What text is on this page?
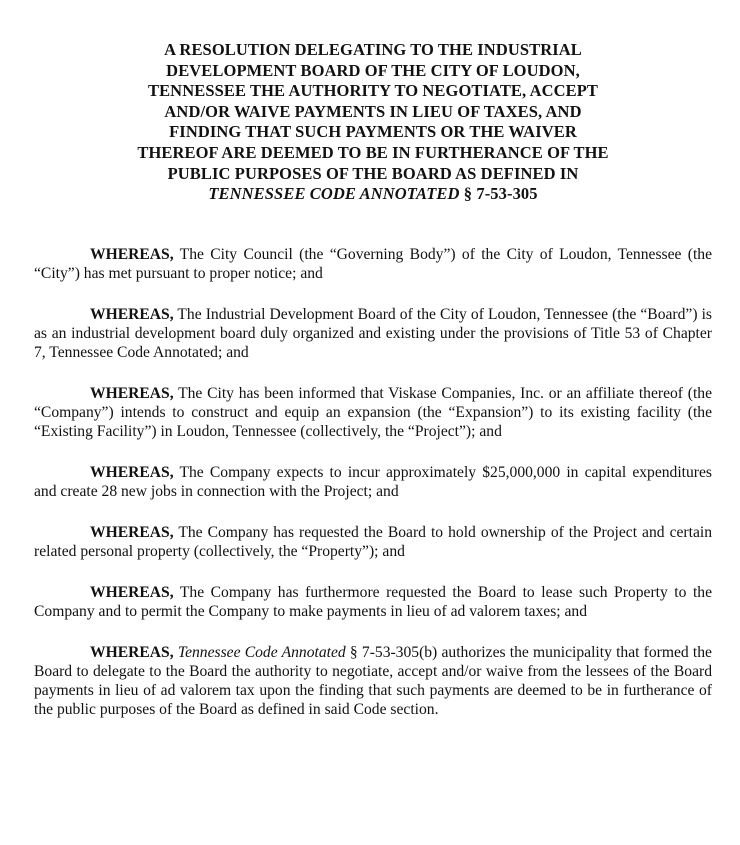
A RESOLUTION DELEGATING TO THE INDUSTRIAL
DEVELOPMENT BOARD OF THE CITY OF LOUDON,
TENNESSEE THE AUTHORITY TO NEGOTIATE, ACCEPT
AND/OR WAIVE PAYMENTS IN LIEU OF TAXES, AND
FINDING THAT SUCH PAYMENTS OR THE WAIVER
THEREOF ARE DEEMED TO BE IN FURTHERANCE OF THE
PUBLIC PURPOSES OF THE BOARD AS DEFINED IN
TENNESSEE CODE ANNOTATED § 7-53-305

WHEREAS, The City Council (the “Governing Body”) of the City of Loudon, Tennessee (the “City”) has met pursuant to proper notice; and

WHEREAS, The Industrial Development Board of the City of Loudon, Tennessee (the “Board”) is as an industrial development board duly organized and existing under the provisions of Title 53 of Chapter 7, Tennessee Code Annotated; and

WHEREAS, The City has been informed that Viskase Companies, Inc. or an affiliate thereof (the “Company”) intends to construct and equip an expansion (the “Expansion”) to its existing facility (the “Existing Facility”) in Loudon, Tennessee (collectively, the “Project”); and

WHEREAS, The Company expects to incur approximately $25,000,000 in capital expenditures and create 28 new jobs in connection with the Project; and

WHEREAS, The Company has requested the Board to hold ownership of the Project and certain related personal property (collectively, the “Property”); and

WHEREAS, The Company has furthermore requested the Board to lease such Property to the Company and to permit the Company to make payments in lieu of ad valorem taxes; and

WHEREAS, Tennessee Code Annotated § 7-53-305(b) authorizes the municipality that formed the Board to delegate to the Board the authority to negotiate, accept and/or waive from the lessees of the Board payments in lieu of ad valorem tax upon the finding that such payments are deemed to be in furtherance of the public purposes of the Board as defined in said Code section.
